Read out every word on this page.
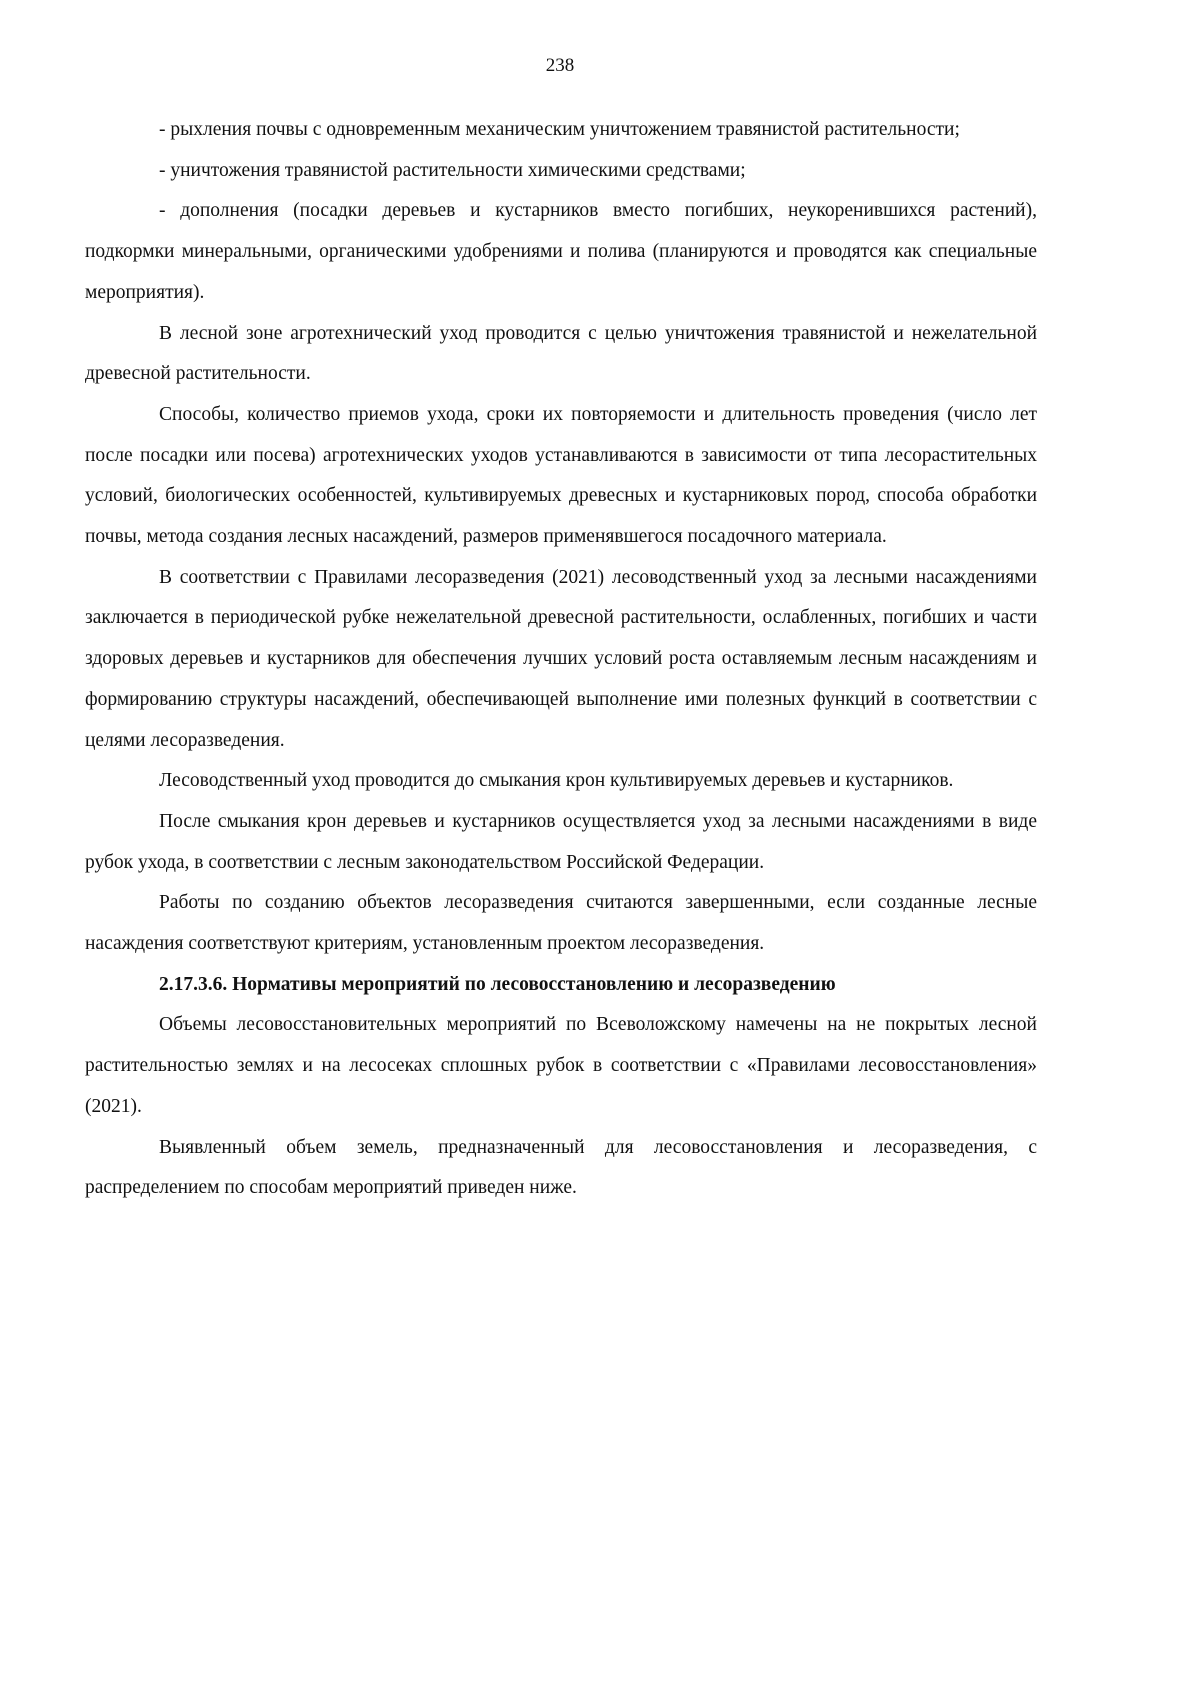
238

- рыхления почвы с одновременным механическим уничтожением травянистой растительности;

- уничтожения травянистой растительности химическими средствами;

- дополнения (посадки деревьев и кустарников вместо погибших, неукоренившихся растений), подкормки минеральными, органическими удобрениями и полива (планируются и проводятся как специальные мероприятия).

В лесной зоне агротехнический уход проводится с целью уничтожения травянистой и нежелательной древесной растительности.

Способы, количество приемов ухода, сроки их повторяемости и длительность проведения (число лет после посадки или посева) агротехнических уходов устанавливаются в зависимости от типа лесорастительных условий, биологических особенностей, культивируемых древесных и кустарниковых пород, способа обработки почвы, метода создания лесных насаждений, размеров применявшегося посадочного материала.

В соответствии с Правилами лесоразведения (2021) лесоводственный уход за лесными насаждениями заключается в периодической рубке нежелательной древесной растительности, ослабленных, погибших и части здоровых деревьев и кустарников для обеспечения лучших условий роста оставляемым лесным насаждениям и формированию структуры насаждений, обеспечивающей выполнение ими полезных функций в соответствии с целями лесоразведения.

Лесоводственный уход проводится до смыкания крон культивируемых деревьев и кустарников.

После смыкания крон деревьев и кустарников осуществляется уход за лесными насаждениями в виде рубок ухода, в соответствии с лесным законодательством Российской Федерации.

Работы по созданию объектов лесоразведения считаются завершенными, если созданные лесные насаждения соответствуют критериям, установленным проектом лесоразведения.

2.17.3.6. Нормативы мероприятий по лесовосстановлению и лесоразведению

Объемы лесовосстановительных мероприятий по Всеволожскому намечены на не покрытых лесной растительностью землях и на лесосеках сплошных рубок в соответствии с «Правилами лесовосстановления» (2021).

Выявленный объем земель, предназначенный для лесовосстановления и лесоразведения, с распределением по способам мероприятий приведен ниже.
